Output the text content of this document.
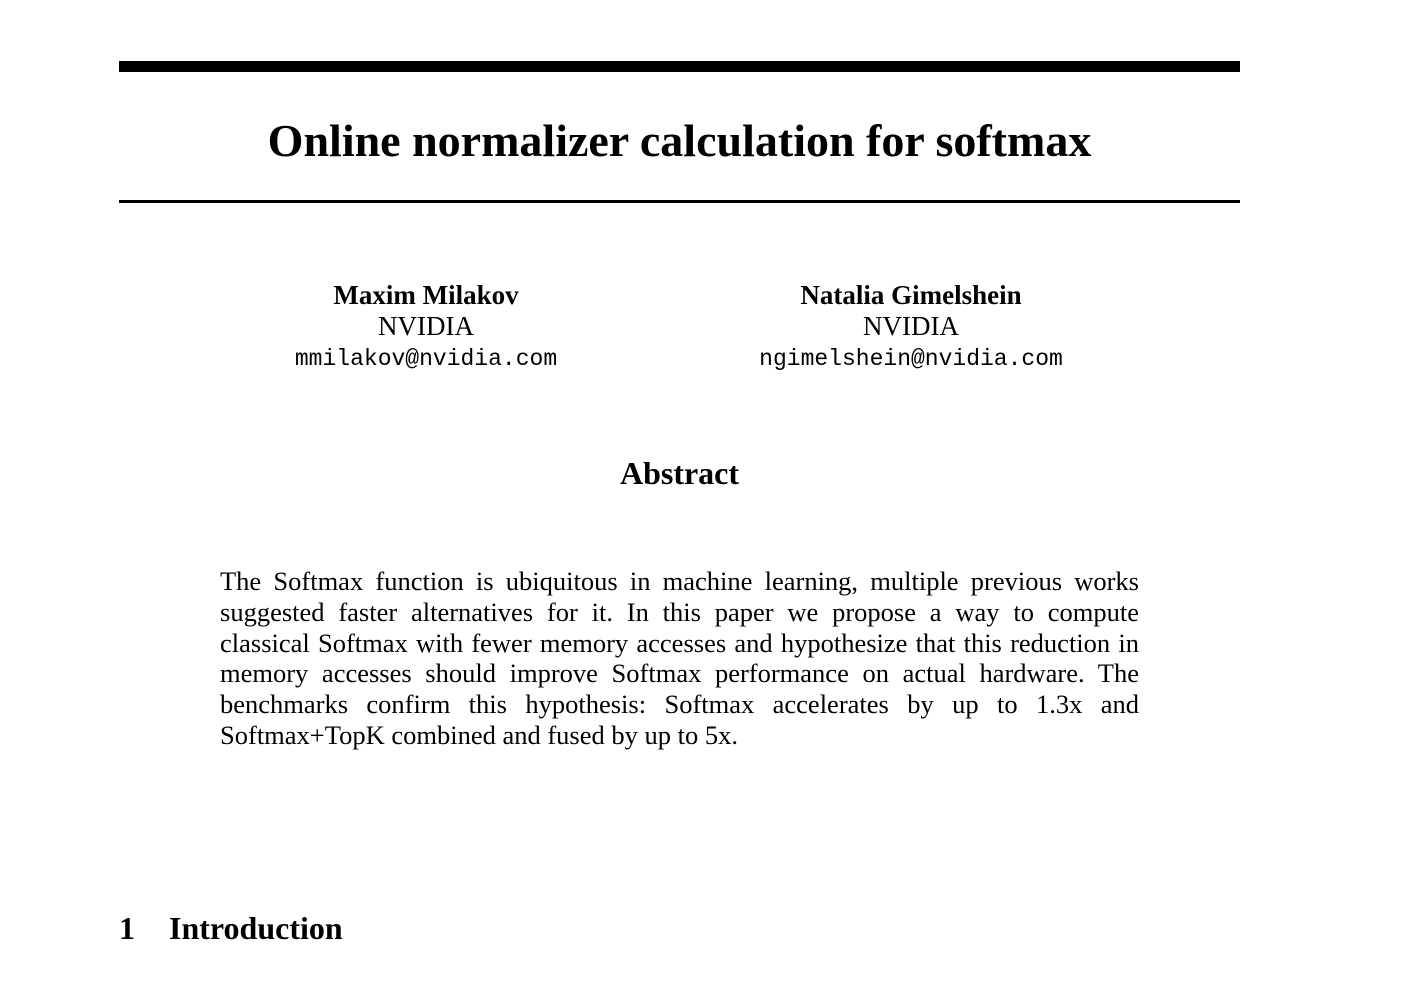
Online normalizer calculation for softmax
Maxim Milakov
NVIDIA
mmilakov@nvidia.com
Natalia Gimelshein
NVIDIA
ngimelshein@nvidia.com
Abstract

The Softmax function is ubiquitous in machine learning, multiple previous works suggested faster alternatives for it. In this paper we propose a way to compute classical Softmax with fewer memory accesses and hypothesize that this reduction in memory accesses should improve Softmax performance on actual hardware. The benchmarks confirm this hypothesis: Softmax accelerates by up to 1.3x and Softmax+TopK combined and fused by up to 5x.

1 Introduction
